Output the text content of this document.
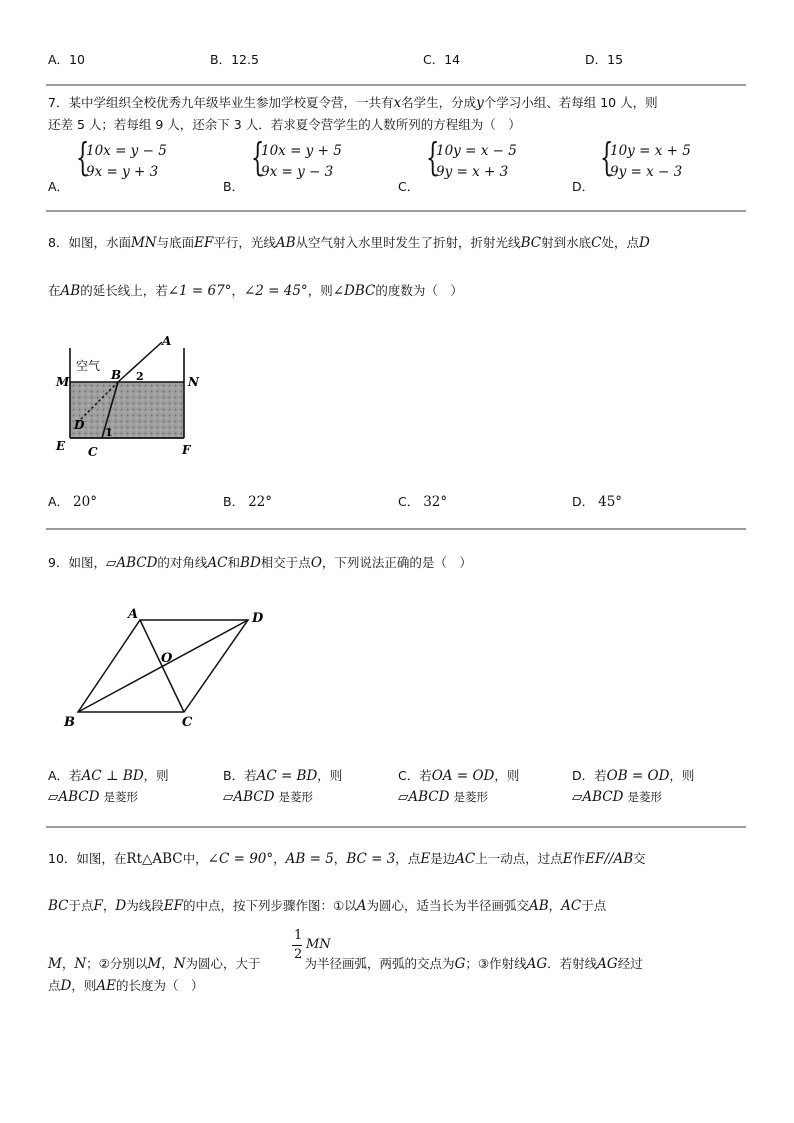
A．10	B．12.5	C．14	D．15
7．某中学组织全校优秀九年级毕业生参加学校夏令营，一共有x名学生，分成y个学习小组、若每组 10 人，则
还差 5 人；若每组 9 人，还余下 3 人．若求夏令营学生的人数所列的方程组为（　）
A．
{
10x = y − 5
9x = y + 3
B．
{
10x = y + 5
9x = y − 3
C．
{
10y = x − 5
9y = x + 3
D．
{
10y = x + 5
9y = x − 3
8．如图，水面MN与底面EF平行，光线AB从空气射入水里时发生了折射，折射光线BC射到水底C处，点D
在AB的延长线上，若∠1 = 67°，∠2 = 45°，则∠DBC的度数为（　）
空气
A
B 2
M	N
D
1
E C	F
A． 20°	B． 22°	C． 32°	D． 45°
9．如图，▱ABCD的对角线AC和BD相交于点O，下列说法正确的是（　）
A	D
O
B	C
A．若AC ⊥ BD，则
▱ABCD 是菱形
B．若AC = BD，则
▱ABCD 是菱形
C．若OA = OD，则
▱ABCD 是菱形
D．若OB = OD，则
▱ABCD 是菱形
10．如图，在Rt△ABC中，∠C = 90°，AB = 5，BC = 3，点E是边AC上一动点，过点E作EF//AB交
BC于点F，D为线段EF的中点，按下列步骤作图：①以A为圆心，适当长为半径画弧交AB，AC于点
M，N；②分别以M，N为圆心，大于	为半径画弧，两弧的交点为G；③作射线AG．若射线AG经过
1
2
MN
点D，则AE的长度为（　）
